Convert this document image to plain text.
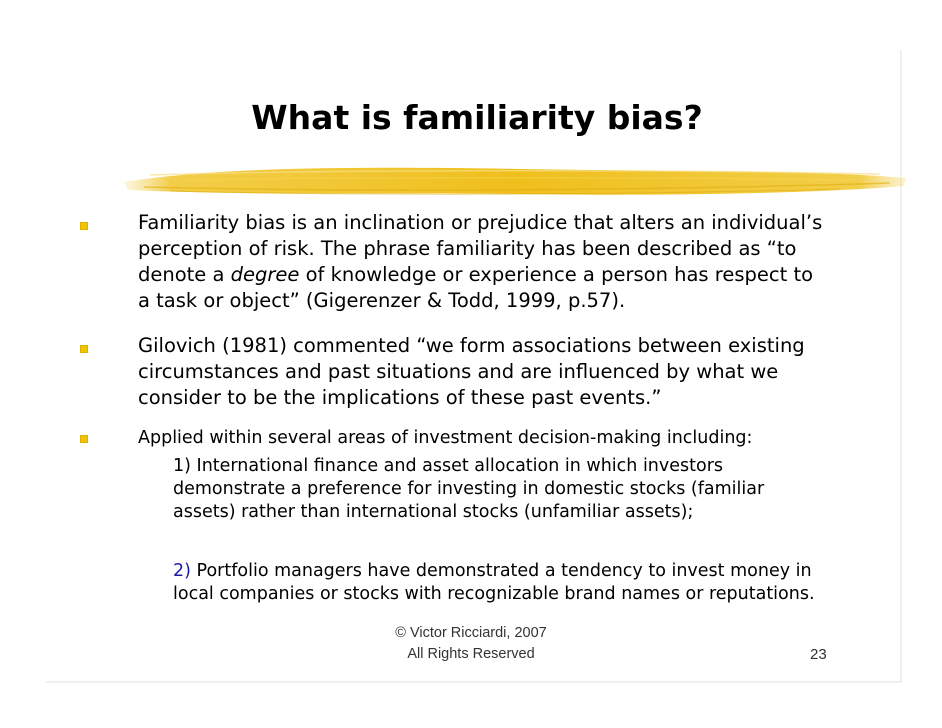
What is familiarity bias?
Familiarity bias is an inclination or prejudice that alters an individual’s
perception of risk. The phrase familiarity has been described as “to
denote a degree of knowledge or experience a person has respect to
a task or object” (Gigerenzer & Todd, 1999, p.57).
Gilovich (1981) commented “we form associations between existing
circumstances and past situations and are influenced by what we
consider to be the implications of these past events.”
Applied within several areas of investment decision-making including:
1) International finance and asset allocation in which investors
demonstrate a preference for investing in domestic stocks (familiar
assets) rather than international stocks (unfamiliar assets);
2) Portfolio managers have demonstrated a tendency to invest money in
local companies or stocks with recognizable brand names or reputations.
© Victor Ricciardi, 2007
All Rights Reserved	23
